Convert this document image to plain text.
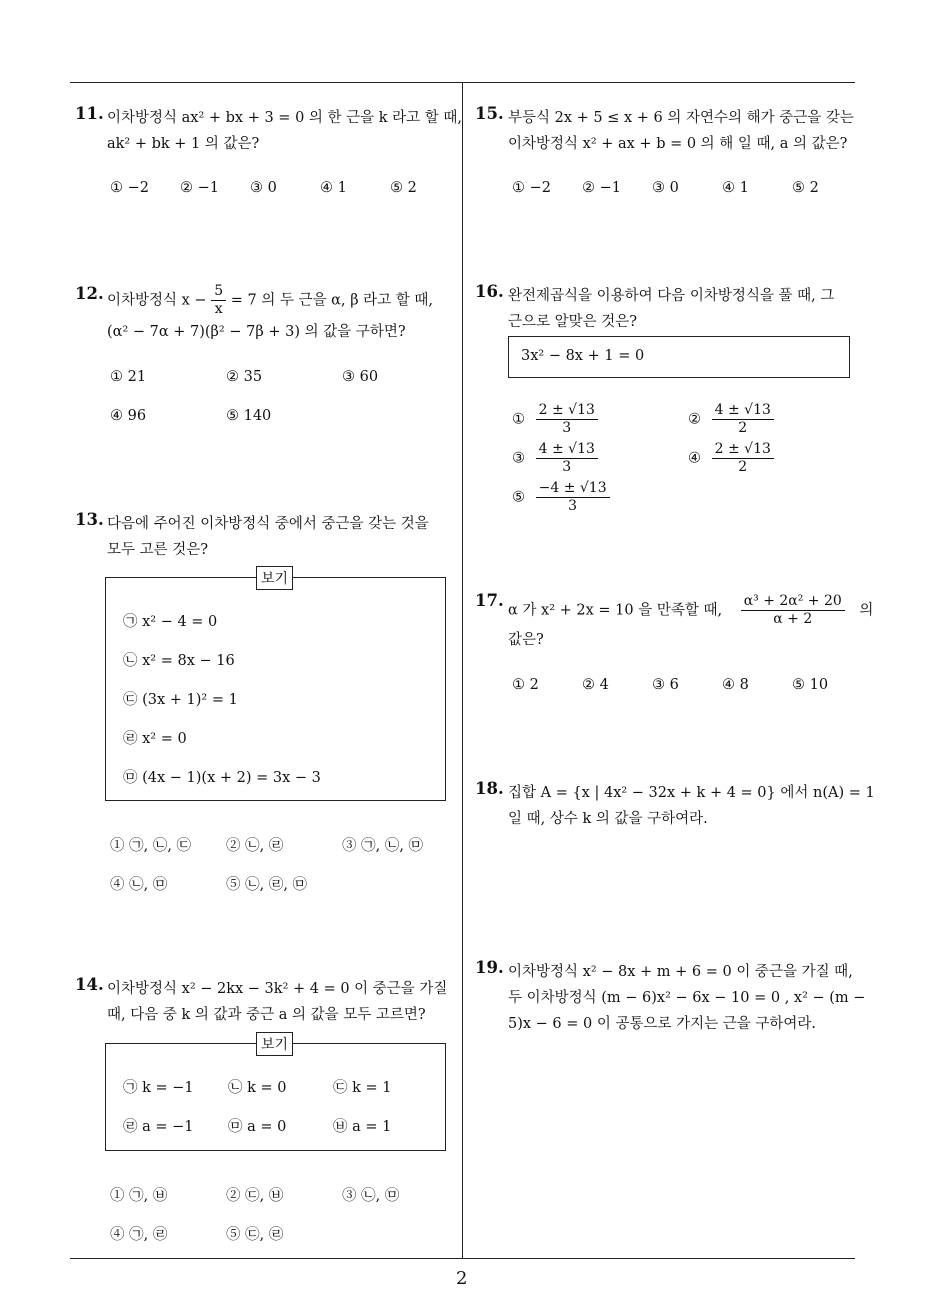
11. 이차방정식 ax² + bx + 3 = 0 의 한 근을 k 라고 할 때,
ak² + bk + 1 의 값은?
① −2 ② −1 ③ 0	④ 1	⑤ 2
12. 이차방정식 $x - \frac{5}{x} = 7$ 의 두 근을 α, β 라고 할 때,
(α² − 7α + 7)(β² − 7β + 3) 의 값을 구하면?
① 21	② 35	③ 60
④ 96	⑤ 140
13. 다음에 주어진 이차방정식 중에서 중근을 갖는 것을
모두 고른 것은?
보기
㉠ x² − 4 = 0
㉡ x² = 8x − 16
㉢ (3x + 1)² = 1
㉣ x² = 0
㉤ (4x − 1)(x + 2) = 3x − 3
① ㉠, ㉡, ㉢ ② ㉡, ㉣	③ ㉠, ㉡, ㉤
④ ㉡, ㉤	⑤ ㉡, ㉣, ㉤
14. 이차방정식 x² − 2kx − 3k² + 4 = 0 이 중근을 가질
때, 다음 중 k 의 값과 중근 a 의 값을 모두 고르면?
보기
㉠ k = −1 ㉡ k = 0	㉢ k = 1
㉣ a = −1 ㉤ a = 0	㉥ a = 1
① ㉠, ㉥	② ㉢, ㉥	③ ㉡, ㉤
④ ㉠, ㉣	⑤ ㉢, ㉣
15. 부등식 2x + 5 ≤ x + 6 의 자연수의 해가 중근을 갖는
이차방정식 x² + ax + b = 0 의 해 일 때, a 의 값은?
① −2 ② −1 ③ 0	④ 1	⑤ 2
16. 완전제곱식을 이용하여 다음 이차방정식을 풀 때, 그
근으로 알맞은 것은?
3x² − 8x + 1 = 0
① $\frac{2 \pm √13}{3}$	② $\frac{4 \pm √13}{2}$
③ $\frac{4 \pm √13}{3}$	④ $\frac{2 \pm √13}{2}$
⑤ $\frac{-4 \pm √13}{3}$
17.
α 가 x² + 2x = 10 을 만족할 때, $\frac{\text{α³ + 2α² + 20}}{\alpha + 2}$ 의
값은?
① 2	② 4	③ 6	④ 8	⑤ 10
18. 집합 A = {x | 4x² − 32x + k + 4 = 0} 에서 n(A) = 1
일 때, 상수 k 의 값을 구하여라.
19. 이차방정식 x² − 8x + m + 6 = 0 이 중근을 가질 때,
두 이차방정식 (m − 6)x² − 6x − 10 = 0 , x² − (m −
5)x − 6 = 0 이 공통으로 가지는 근을 구하여라.
2
